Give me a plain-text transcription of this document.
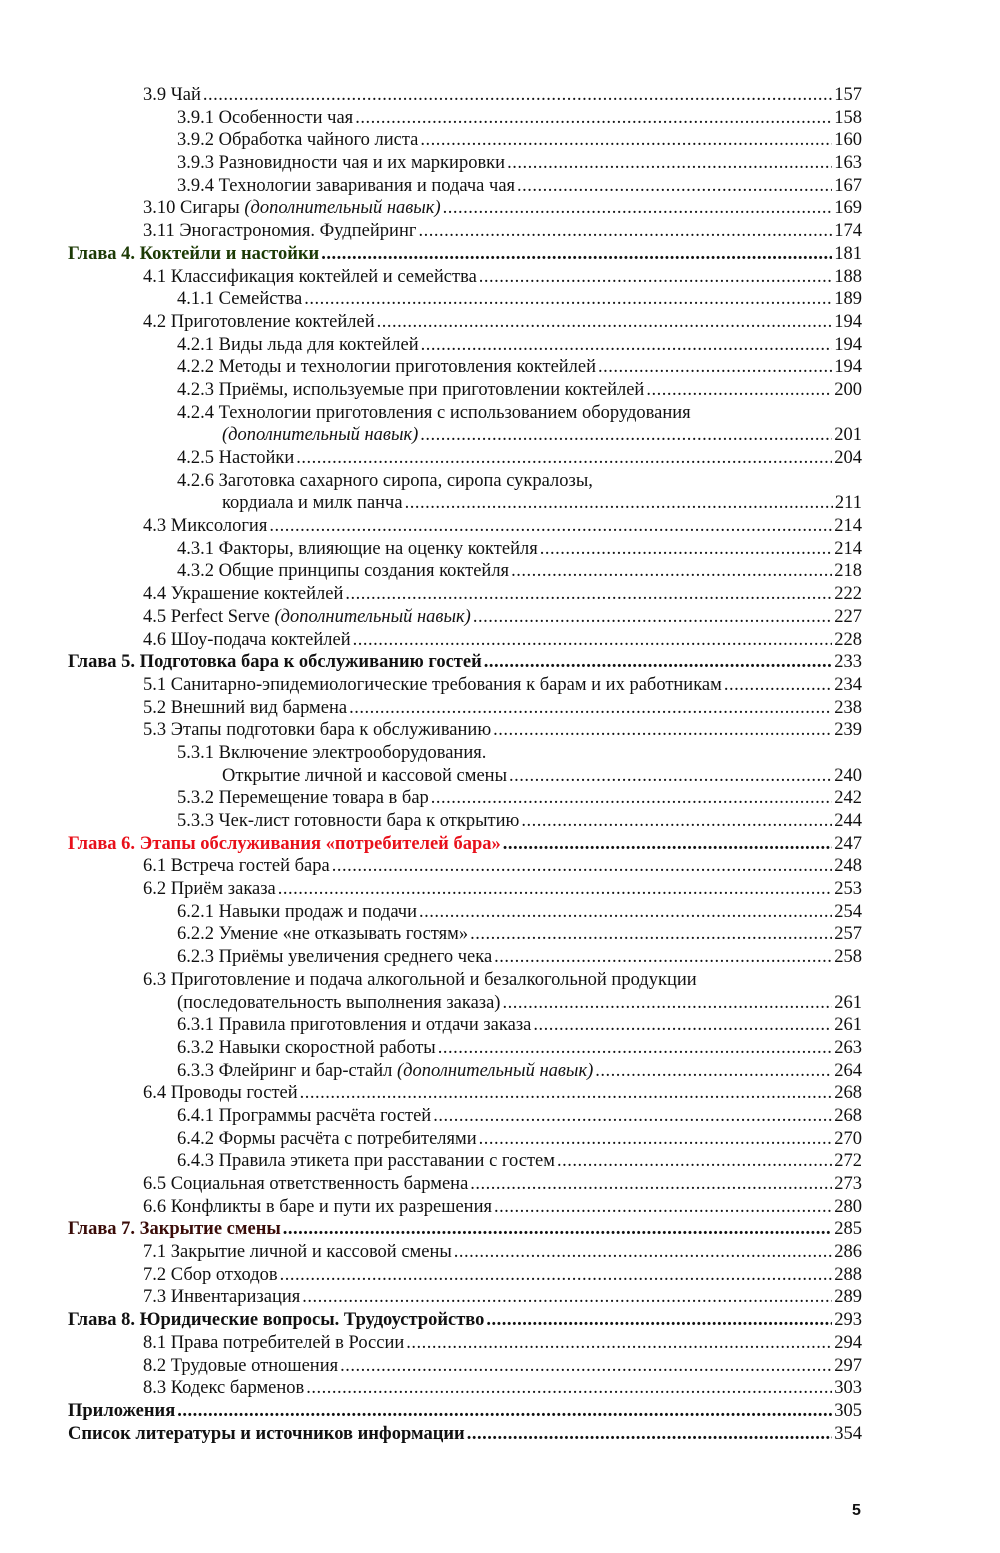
3.9 Чай .....	157
3.9.1 Особенности чая .....	158
3.9.2 Обработка чайного листа .....	160
3.9.3 Разновидности чая и их маркировки .....	163
3.9.4 Технологии заваривания и подача чая .....	167
3.10 Сигары (дополнительный навык) .....	169
3.11 Эногастрономия. Фудпейринг .....	174
Глава 4. Коктейли и настойки .....	181
4.1 Классификация коктейлей и семейства .....	188
4.1.1 Семейства .....	189
4.2 Приготовление коктейлей .....	194
4.2.1 Виды льда для коктейлей .....	194
4.2.2 Методы и технологии приготовления коктейлей .....	194
4.2.3 Приёмы, используемые при приготовлении коктейлей .....	200
4.2.4 Технологии приготовления с использованием оборудования
(дополнительный навык) .....	201
4.2.5 Настойки .....	204
4.2.6 Заготовка сахарного сиропа, сиропа сукралозы,
кордиала и милк панча .....	211
4.3 Миксология .....	214
4.3.1 Факторы, влияющие на оценку коктейля .....	214
4.3.2 Общие принципы создания коктейля .....	218
4.4 Украшение коктейлей .....	222
4.5 Perfect Serve (дополнительный навык) .....	227
4.6 Шоу-подача коктейлей .....	228
Глава 5. Подготовка бара к обслуживанию гостей .....	233
5.1 Санитарно-эпидемиологические требования к барам и их работникам .....	234
5.2 Внешний вид бармена .....	238
5.3 Этапы подготовки бара к обслуживанию .....	239
5.3.1 Включение электрооборудования.
Открытие личной и кассовой смены .....	240
5.3.2 Перемещение товара в бар .....	242
5.3.3 Чек-лист готовности бара к открытию .....	244
Глава 6. Этапы обслуживания «потребителей бара» .....	247
6.1 Встреча гостей бара .....	248
6.2 Приём заказа .....	253
6.2.1 Навыки продаж и подачи .....	254
6.2.2 Умение «не отказывать гостям» .....	257
6.2.3 Приёмы увеличения среднего чека .....	258
6.3 Приготовление и подача алкогольной и безалкогольной продукции
(последовательность выполнения заказа) .....	261
6.3.1 Правила приготовления и отдачи заказа .....	261
6.3.2 Навыки скоростной работы .....	263
6.3.3 Флейринг и бар-стайл (дополнительный навык) .....	264
6.4 Проводы гостей .....	268
6.4.1 Программы расчёта гостей .....	268
6.4.2 Формы расчёта с потребителями .....	270
6.4.3 Правила этикета при расставании с гостем .....	272
6.5 Социальная ответственность бармена .....	273
6.6 Конфликты в баре и пути их разрешения .....	280
Глава 7. Закрытие смены .....	285
7.1 Закрытие личной и кассовой смены .....	286
7.2 Сбор отходов .....	288
7.3 Инвентаризация .....	289
Глава 8. Юридические вопросы. Трудоустройство .....	293
8.1 Права потребителей в России .....	294
8.2 Трудовые отношения .....	297
8.3 Кодекс барменов .....	303
Приложения .....	305
Список литературы и источников информации .....	354
5
